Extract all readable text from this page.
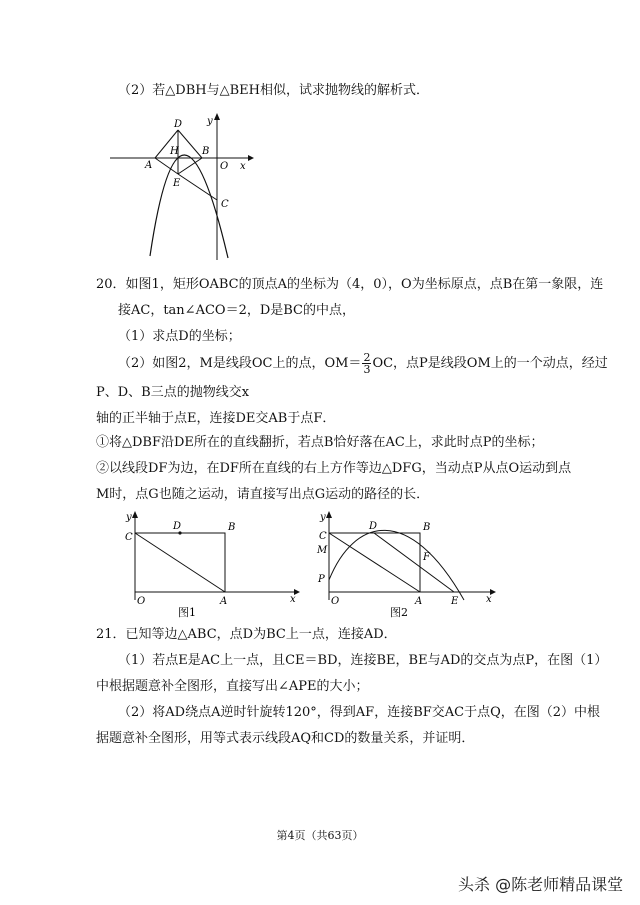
（2）若△DBH与△BEH相似，试求抛物线的解析式．
y
D
H
A
B
O x
E
C
20．如图1，矩形OABC的顶点A的坐标为（4，0），O为坐标原点，点B在第一象限，连
接AC，tan∠ACO＝2，D是BC的中点，
（1）求点D的坐标；
（2）如图2，M是线段OC上的点，$OM= \frac{2}{3}$ OC，点P是线段OM上的一个动点，经过
P、D、B三点的抛物线交x
轴的正半轴于点E，连接DE交AB于点F．
①将△DBF沿DE所在的直线翻折，若点B恰好落在AC上，求此时点P的坐标；
②以线段DF为边，在DF所在直线的右上方作等边△DFG，当动点P从点O运动到点
M时，点G也随之运动，请直接写出点G运动的路径的长．
y
C
D	B
O	A	x
图1
y
C
D	B
M
F
P
O	A	E	x
图2
21．已知等边△ABC，点D为BC上一点，连接AD．
（1）若点E是AC上一点，且CE＝BD，连接BE，BE与AD的交点为点P，在图（1）
中根据题意补全图形，直接写出∠APE的大小；
（2）将AD绕点A逆时针旋转120°，得到AF，连接BF交AC于点Q，在图（2）中根
据题意补全图形，用等式表示线段AQ和CD的数量关系，并证明．
第4页（共63页）
头杀 @陈老师精品课堂
